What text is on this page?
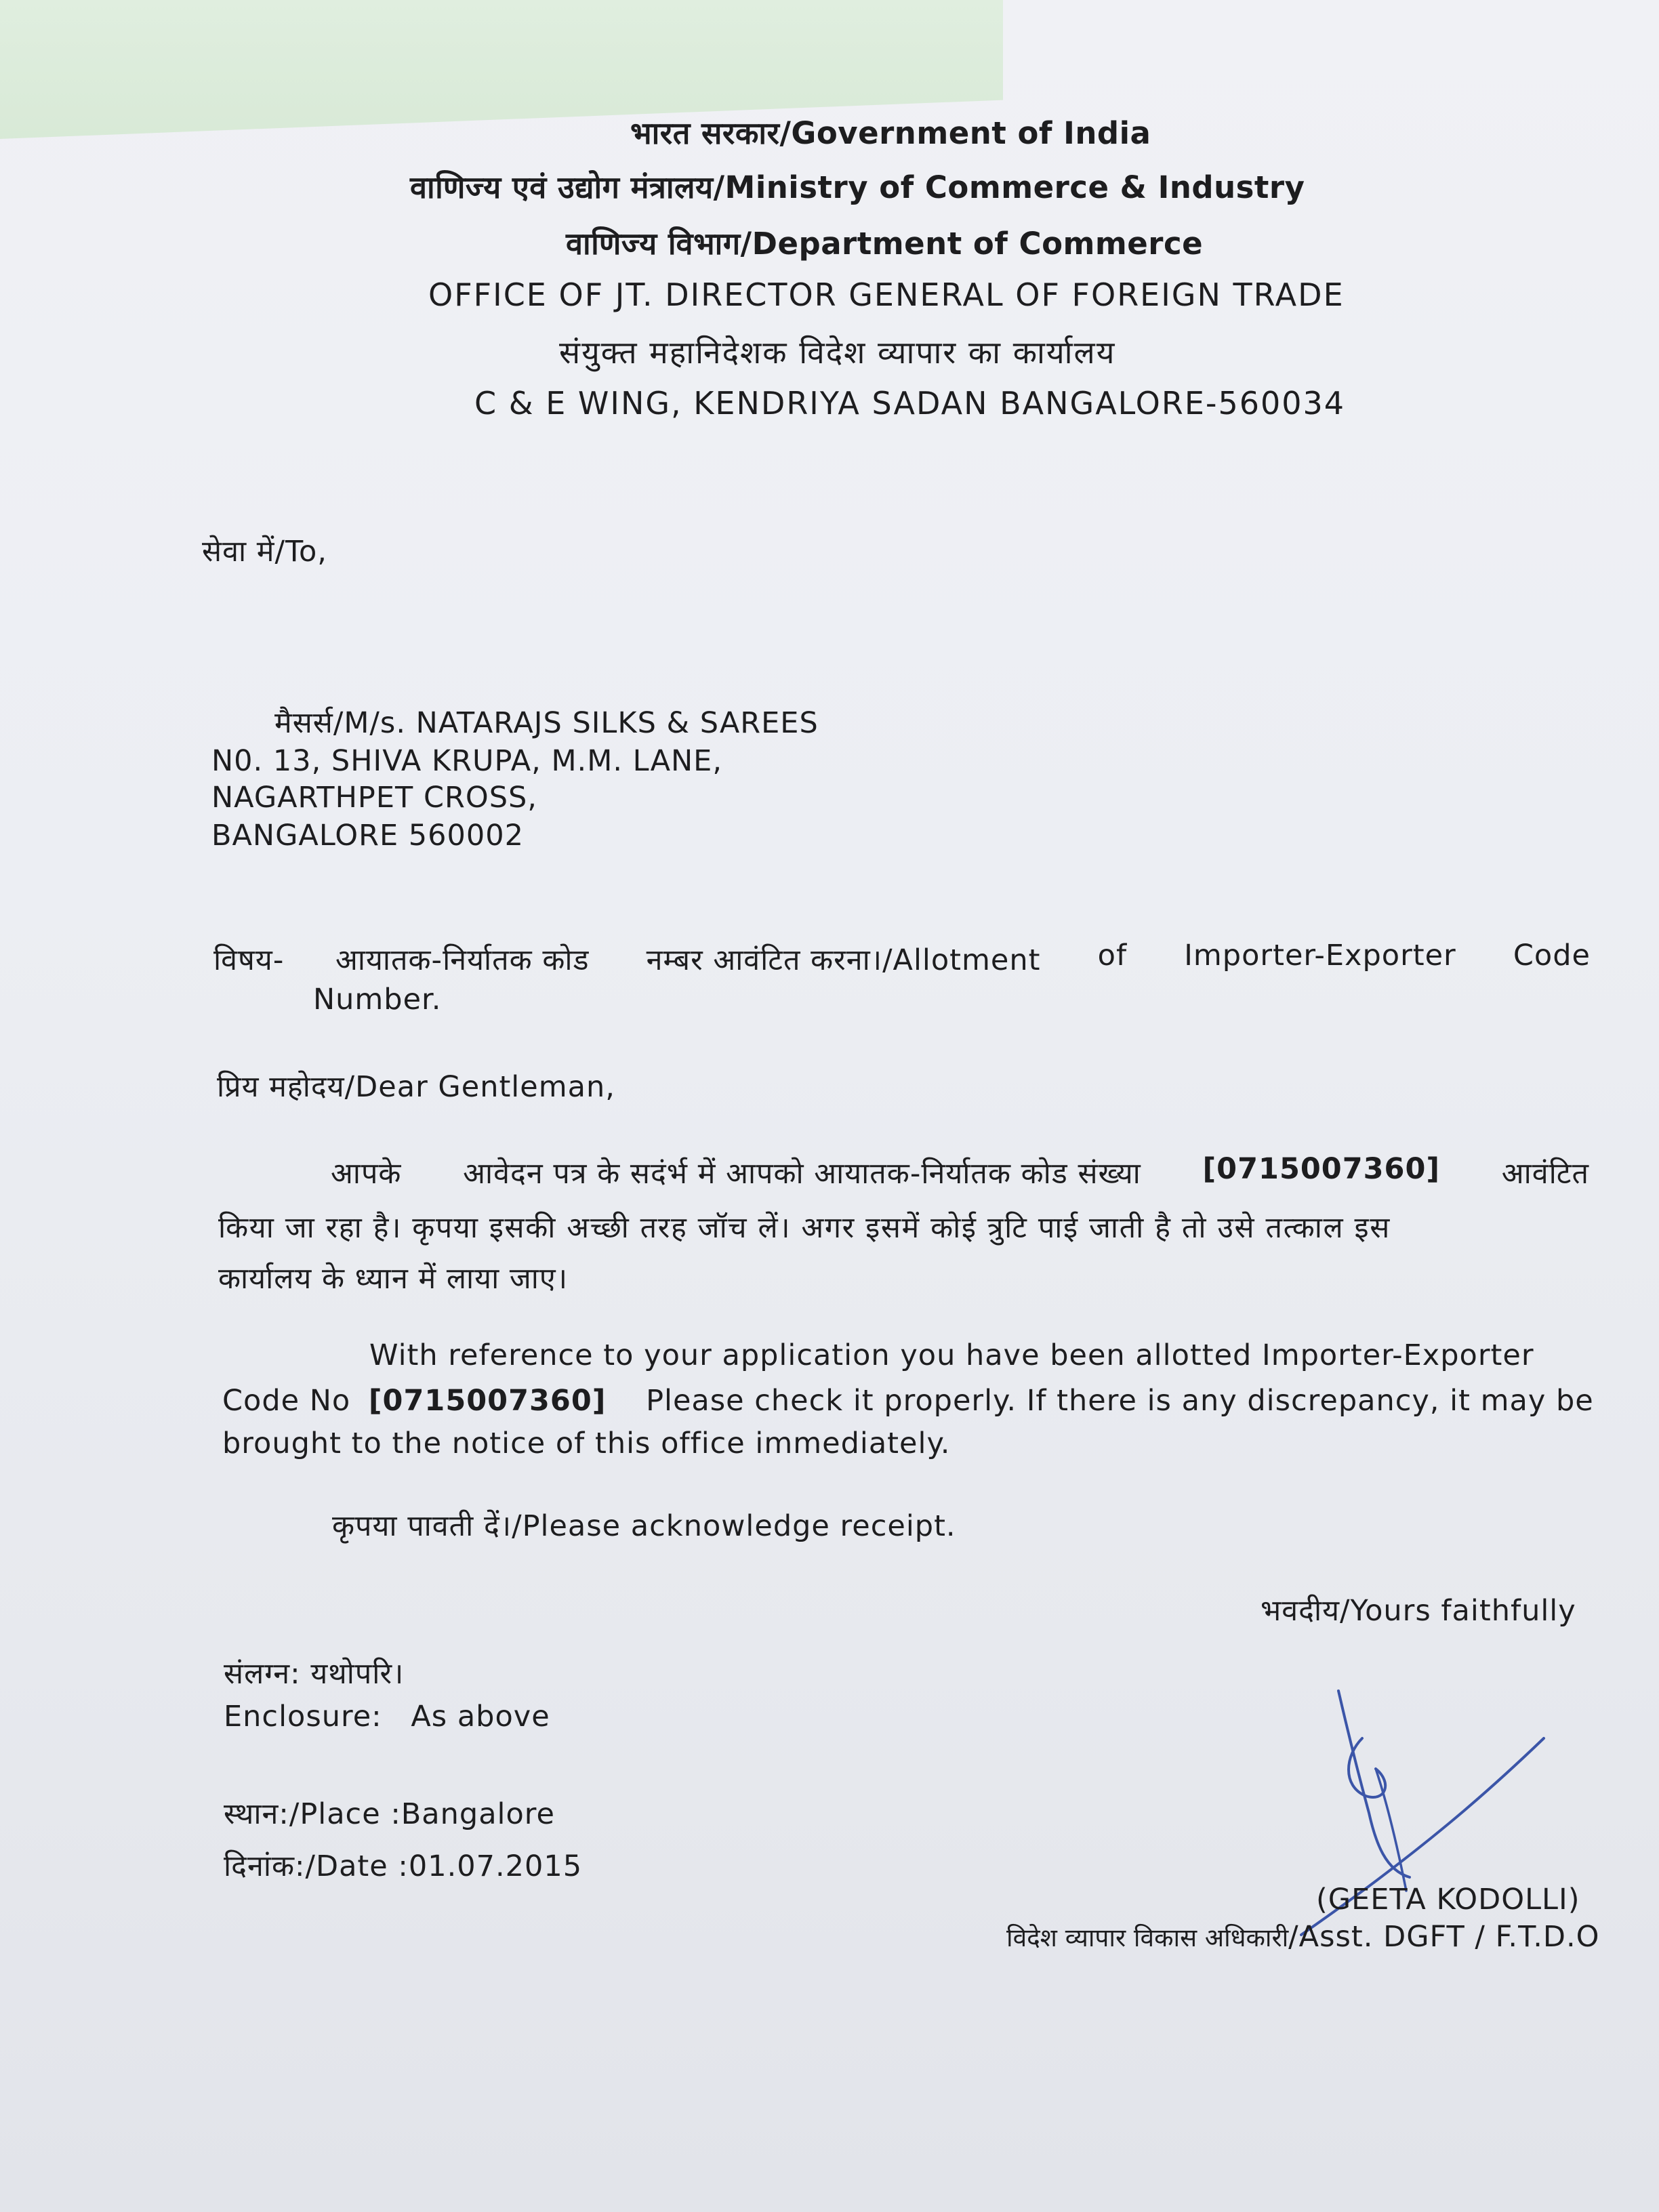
भारत सरकार/Government of India
वाणिज्य एवं उद्योग मंत्रालय/Ministry of Commerce & Industry
वाणिज्य विभाग/Department of Commerce
OFFICE OF JT. DIRECTOR GENERAL OF FOREIGN TRADE
संयुक्त महानिदेशक विदेश व्यापार का कार्यालय
C & E WING, KENDRIYA SADAN BANGALORE-560034
सेवा में/To,
मैसर्स/M/s. NATARAJS SILKS & SAREES
N0. 13, SHIVA KRUPA, M.M. LANE,
NAGARTHPET CROSS,
BANGALORE 560002
विषय- आयातक-निर्यातक कोड नम्बर आवंटित करना।/Allotment of Importer-Exporter Code
Number.
प्रिय महोदय/Dear Gentleman,
आपके आवेदन पत्र के सदंर्भ में आपको आयातक-निर्यातक कोड संख्या [0715007360] आवंटित
किया जा रहा है। कृपया इसकी अच्छी तरह जॉच लें। अगर इसमें कोई त्रुटि पाई जाती है तो उसे तत्काल इस
कार्यालय के ध्यान में लाया जाए।
With reference to your application you have been allotted Importer-Exporter
Code No [0715007360] Please check it properly. If there is any discrepancy, it may be
brought to the notice of this office immediately.
कृपया पावती दें।/Please acknowledge receipt.
भवदीय/Yours faithfully
संलग्न: यथोपरि।
Enclosure: As above
स्थान:/Place :Bangalore
दिनांक:/Date :01.07.2015
(GEETA KODOLLI)
विदेश व्यापार विकास अधिकारी/Asst. DGFT / F.T.D.O
